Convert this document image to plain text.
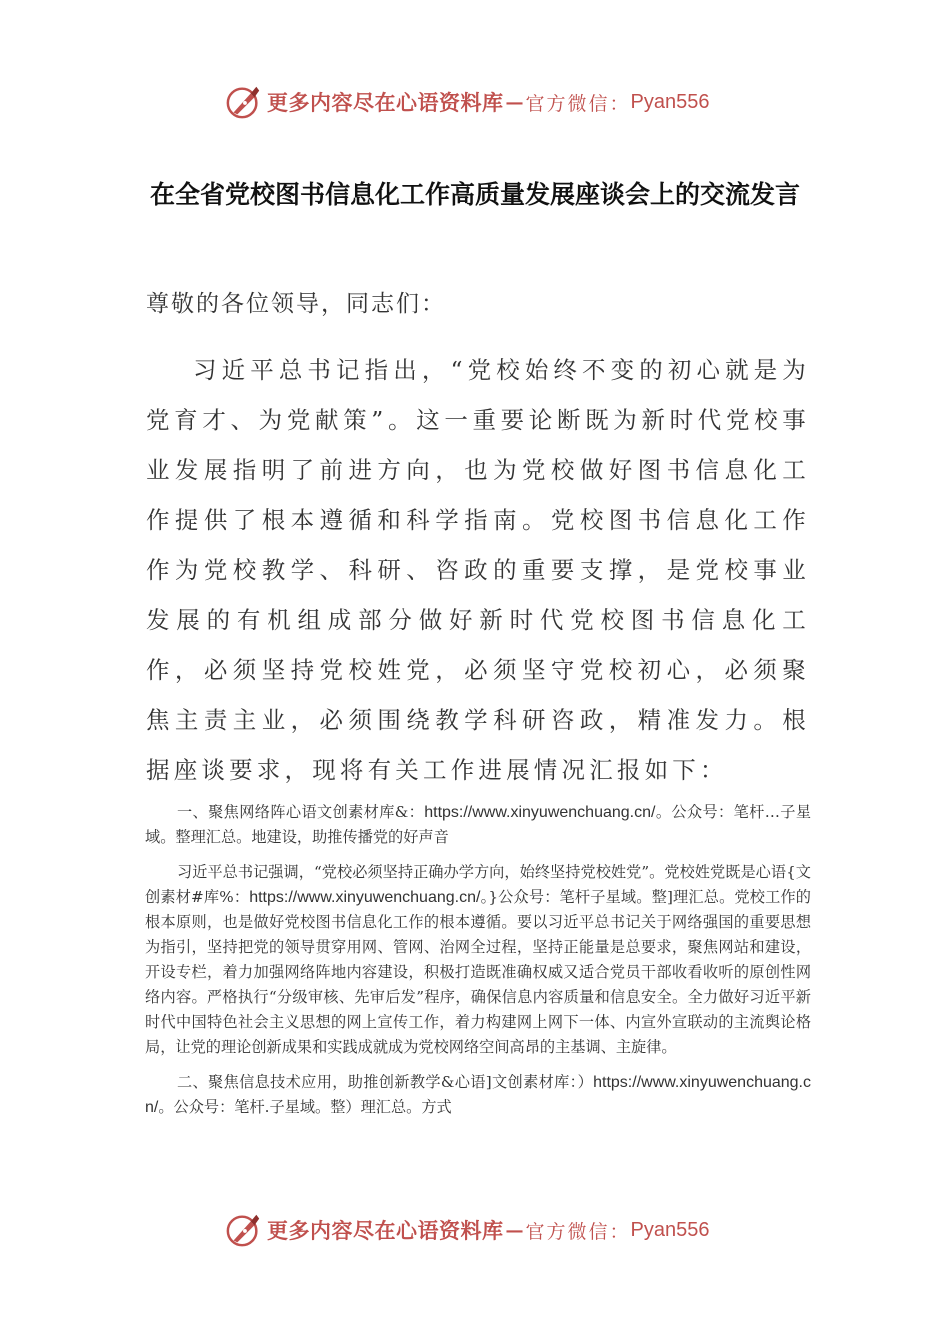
更多内容尽在心语资料库 — 官方微信： Pyan556
在全省党校图书信息化工作高质量发展座谈会上的交流发言
尊敬的各位领导，同志们：

习近平总书记指出，“党校始终不变的初心就是为党育才、为党献策”。这一重要论断既为新时代党校事业发展指明了前进方向，也为党校做好图书信息化工作提供了根本遵循和科学指南。党校图书信息化工作作为党校教学、科研、咨政的重要支撑，是党校事业发展的有机组成部分做好新时代党校图书信息化工作，必须坚持党校姓党，必须坚守党校初心，必须聚焦主责主业，必须围绕教学科研咨政，精准发力。根据座谈要求，现将有关工作进展情况汇报如下：

一、聚焦网络阵心语文创素材库&：https://www.xinyuwenchuang.cn/。公众号：笔杆…子星域。整理汇总。地建设，助推传播党的好声音

习近平总书记强调，“党校必须坚持正确办学方向，始终坚持党校姓党”。党校姓党既是心语{文创素材#库%：https://www.xinyuwenchuang.cn/。}公众号：笔杆子星域。整]理汇总。党校工作的根本原则，也是做好党校图书信息化工作的根本遵循。要以习近平总书记关于网络强国的重要思想为指引，坚持把党的领导贯穿用网、管网、治网全过程，坚持正能量是总要求，聚焦网站和建设，开设专栏，着力加强网络阵地内容建设，积极打造既准确权威又适合党员干部收看收听的原创性网络内容。严格执行“分级审核、先审后发”程序，确保信息内容质量和信息安全。全力做好习近平新时代中国特色社会主义思想的网上宣传工作，着力构建网上网下一体、内宣外宣联动的主流舆论格局，让党的理论创新成果和实践成就成为党校网络空间高昂的主基调、主旋律。

二、聚焦信息技术应用，助推创新教学&心语]文创素材库：）https://www.xinyuwenchuang.cn/。公众号：笔杆.子星域。整）理汇总。方式

更多内容尽在心语资料库 — 官方微信： Pyan556
